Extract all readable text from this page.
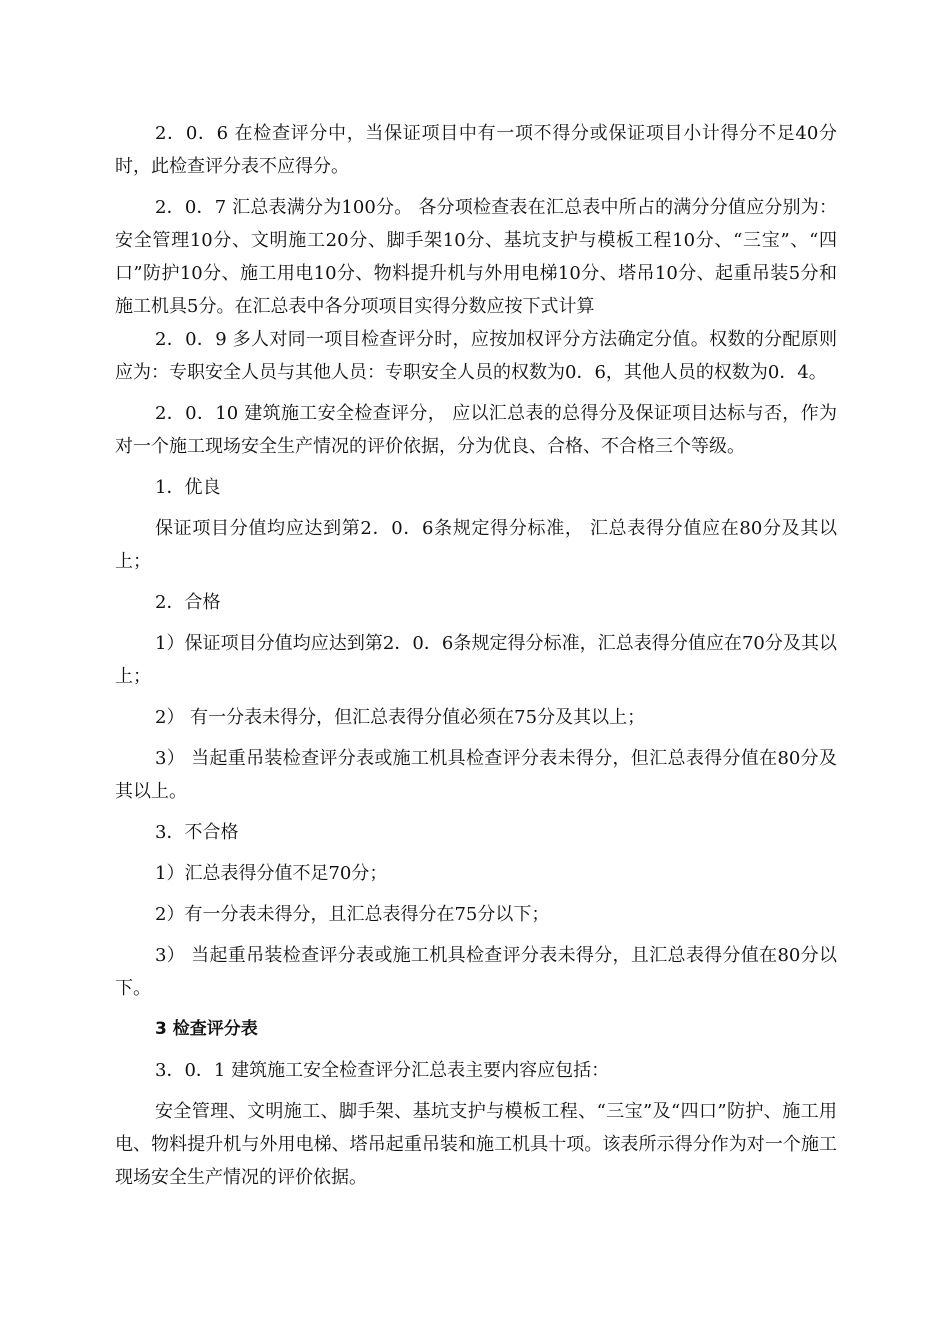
2．0．6 在检查评分中，当保证项目中有一项不得分或保证项目小计得分不足40分时，此检查评分表不应得分。

2．0．7 汇总表满分为100分。 各分项检查表在汇总表中所占的满分分值应分别为：安全管理10分、文明施工20分、脚手架10分、基坑支护与模板工程10分、“三宝”、“四口”防护10分、施工用电10分、物料提升机与外用电梯10分、塔吊10分、起重吊装5分和施工机具5分。在汇总表中各分项项目实得分数应按下式计算

2．0．9 多人对同一项目检查评分时，应按加权评分方法确定分值。权数的分配原则应为：专职安全人员与其他人员：专职安全人员的权数为0．6，其他人员的权数为0．4。

2．0．10 建筑施工安全检查评分， 应以汇总表的总得分及保证项目达标与否，作为对一个施工现场安全生产情况的评价依据，分为优良、合格、不合格三个等级。

1．优良

保证项目分值均应达到第2．0．6条规定得分标准， 汇总表得分值应在80分及其以上；

2．合格

1）保证项目分值均应达到第2．0．6条规定得分标准，汇总表得分值应在70分及其以上；

2） 有一分表未得分，但汇总表得分值必须在75分及其以上；

3） 当起重吊装检查评分表或施工机具检查评分表未得分，但汇总表得分值在80分及其以上。

3．不合格

1）汇总表得分值不足70分；

2）有一分表未得分，且汇总表得分在75分以下；

3） 当起重吊装检查评分表或施工机具检查评分表未得分，且汇总表得分值在80分以下。

3 检查评分表

3．0．1 建筑施工安全检查评分汇总表主要内容应包括：

安全管理、文明施工、脚手架、基坑支护与模板工程、“三宝”及“四口”防护、施工用电、物料提升机与外用电梯、塔吊起重吊装和施工机具十项。该表所示得分作为对一个施工现场安全生产情况的评价依据。
